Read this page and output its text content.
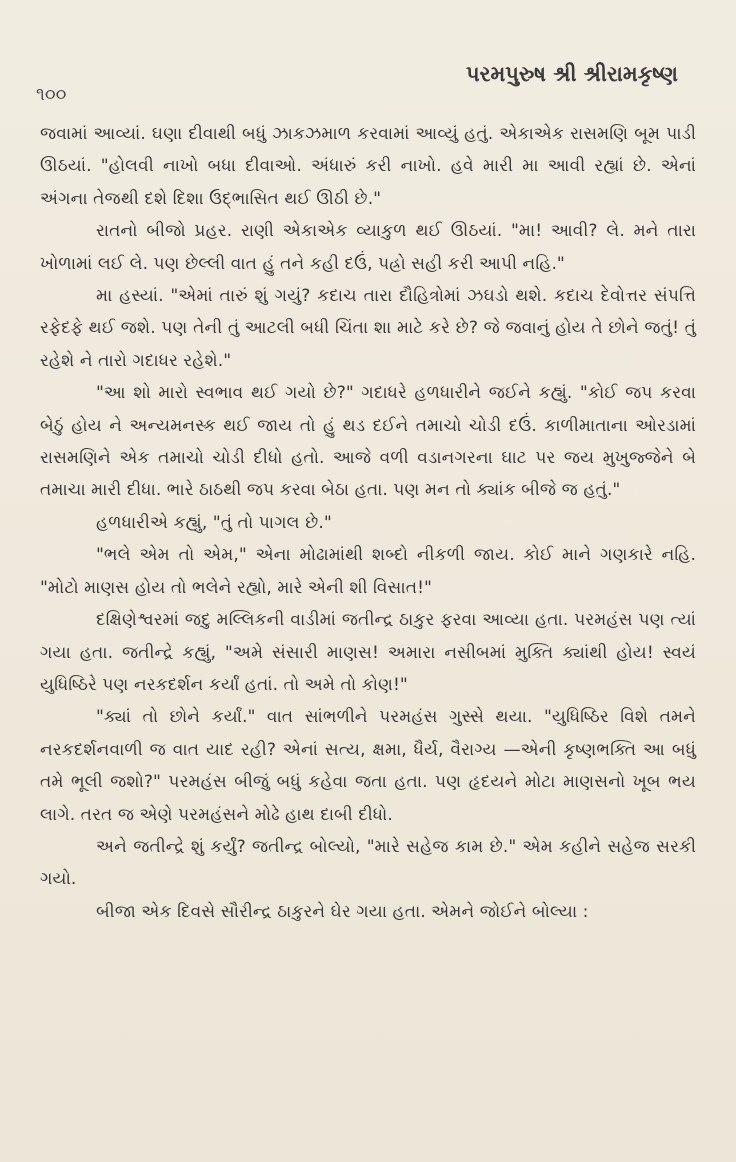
૧૦૦
પરમપુરુષ શ્રી શ્રીરામકૃષ્ણ

જવામાં આવ્યાં. ઘણા દીવાથી બધું ઝાકઝમાળ કરવામાં આવ્યું હતું. એકાએક રાસમણિ બૂમ પાડી ઊઠયાં. "હોલવી નાખો બધા દીવાઓ. અંધારું કરી નાખો. હવે મારી મા આવી રહ્યાં છે. એનાં અંગના તેજથી દશે દિશા ઉદ્ભાસિત થઈ ઊઠી છે."

રાતનો બીજો પ્રહર. રાણી એકાએક વ્યાકુળ થઈ ઊઠયાં. "મા! આવી? લે. મને તારા ખોળામાં લઈ લે. પણ છેલ્લી વાત હું તને કહી દઉં, પહ્રો સહી કરી આપી નહિ."

મા હસ્યાં. "એમાં તારું શું ગયું? કદાચ તારા દૌહિત્રોમાં ઝઘડો થશે. કદાચ દેવોત્તર સંપત્તિ રફેદફે થઈ જશે. પણ તેની તું આટલી બધી ચિંતા શા માટે કરે છે? જે જવાનું હોય તે છોને જતું! તું રહેશે ને તારો ગદાધર રહેશે."

"આ શો મારો સ્વભાવ થઈ ગયો છે?" ગદાધરે હળધારીને જઈને કહ્યું. "કોઈ જપ કરવા બેઠું હોય ને અન્યમનસ્ક થઈ જાય તો હું થડ દઈને તમાચો ચોડી દઉં. કાળીમાતાના ઓરડામાં રાસમણિને એક તમાચો ચોડી દીધો હતો. આજે વળી વડાનગરના ઘાટ પર જય મુખુજ્જેને બે તમાચા મારી દીધા. ભારે ઠાઠથી જપ કરવા બેઠા હતા. પણ મન તો ક્યાંક બીજે જ હતું."

હળધારીએ કહ્યું, "તું તો પાગલ છે."

"ભલે એમ તો એમ," એના મોઢામાંથી શબ્દો નીકળી જાય. કોઈ માને ગણકારે નહિ. "મોટો માણસ હોય તો ભલેને રહ્યો, મારે એની શી વિસાત!"

દક્ષિણેશ્વરમાં જદુ મલ્લિકની વાડીમાં જતીન્દ્ર ઠાકુર ફરવા આવ્યા હતા. પરમહંસ પણ ત્યાં ગયા હતા. જતીન્દ્રે કહ્યું, "અમે સંસારી માણસ! અમારા નસીબમાં મુક્તિ ક્યાંથી હોય! સ્વયં યુધિષ્ઠિરે પણ નરકદર્શન કર્યાં હતાં. તો અમે તો કોણ!"

"ક્યાં તો છોને કર્યાં." વાત સાંભળીને પરમહંસ ગુસ્સે થયા. "યુધિષ્ઠિર વિશે તમને નરકદર્શનવાળી જ વાત યાદ રહી? એનાં સત્ય, ક્ષમા, ધૈર્ય, વૈરાગ્ય —એની કૃષ્ણભક્તિ આ બધું તમે ભૂલી જશો?" પરમહંસ બીજું બધું કહેવા જતા હતા. પણ હૃદયને મોટા માણસનો ખૂબ ભય લાગે. તરત જ એણે પરમહંસને મોઢે હાથ દાબી દીધો.

અને જતીન્દ્રે શું કર્યું? જતીન્દ્ર બોલ્યો, "મારે સહેજ કામ છે." એમ કહીને સહેજ સરકી ગયો.

બીજા એક દિવસે સૌરીન્દ્ર ઠાકુરને ઘેર ગયા હતા. એમને જોઈને બોલ્યા :
